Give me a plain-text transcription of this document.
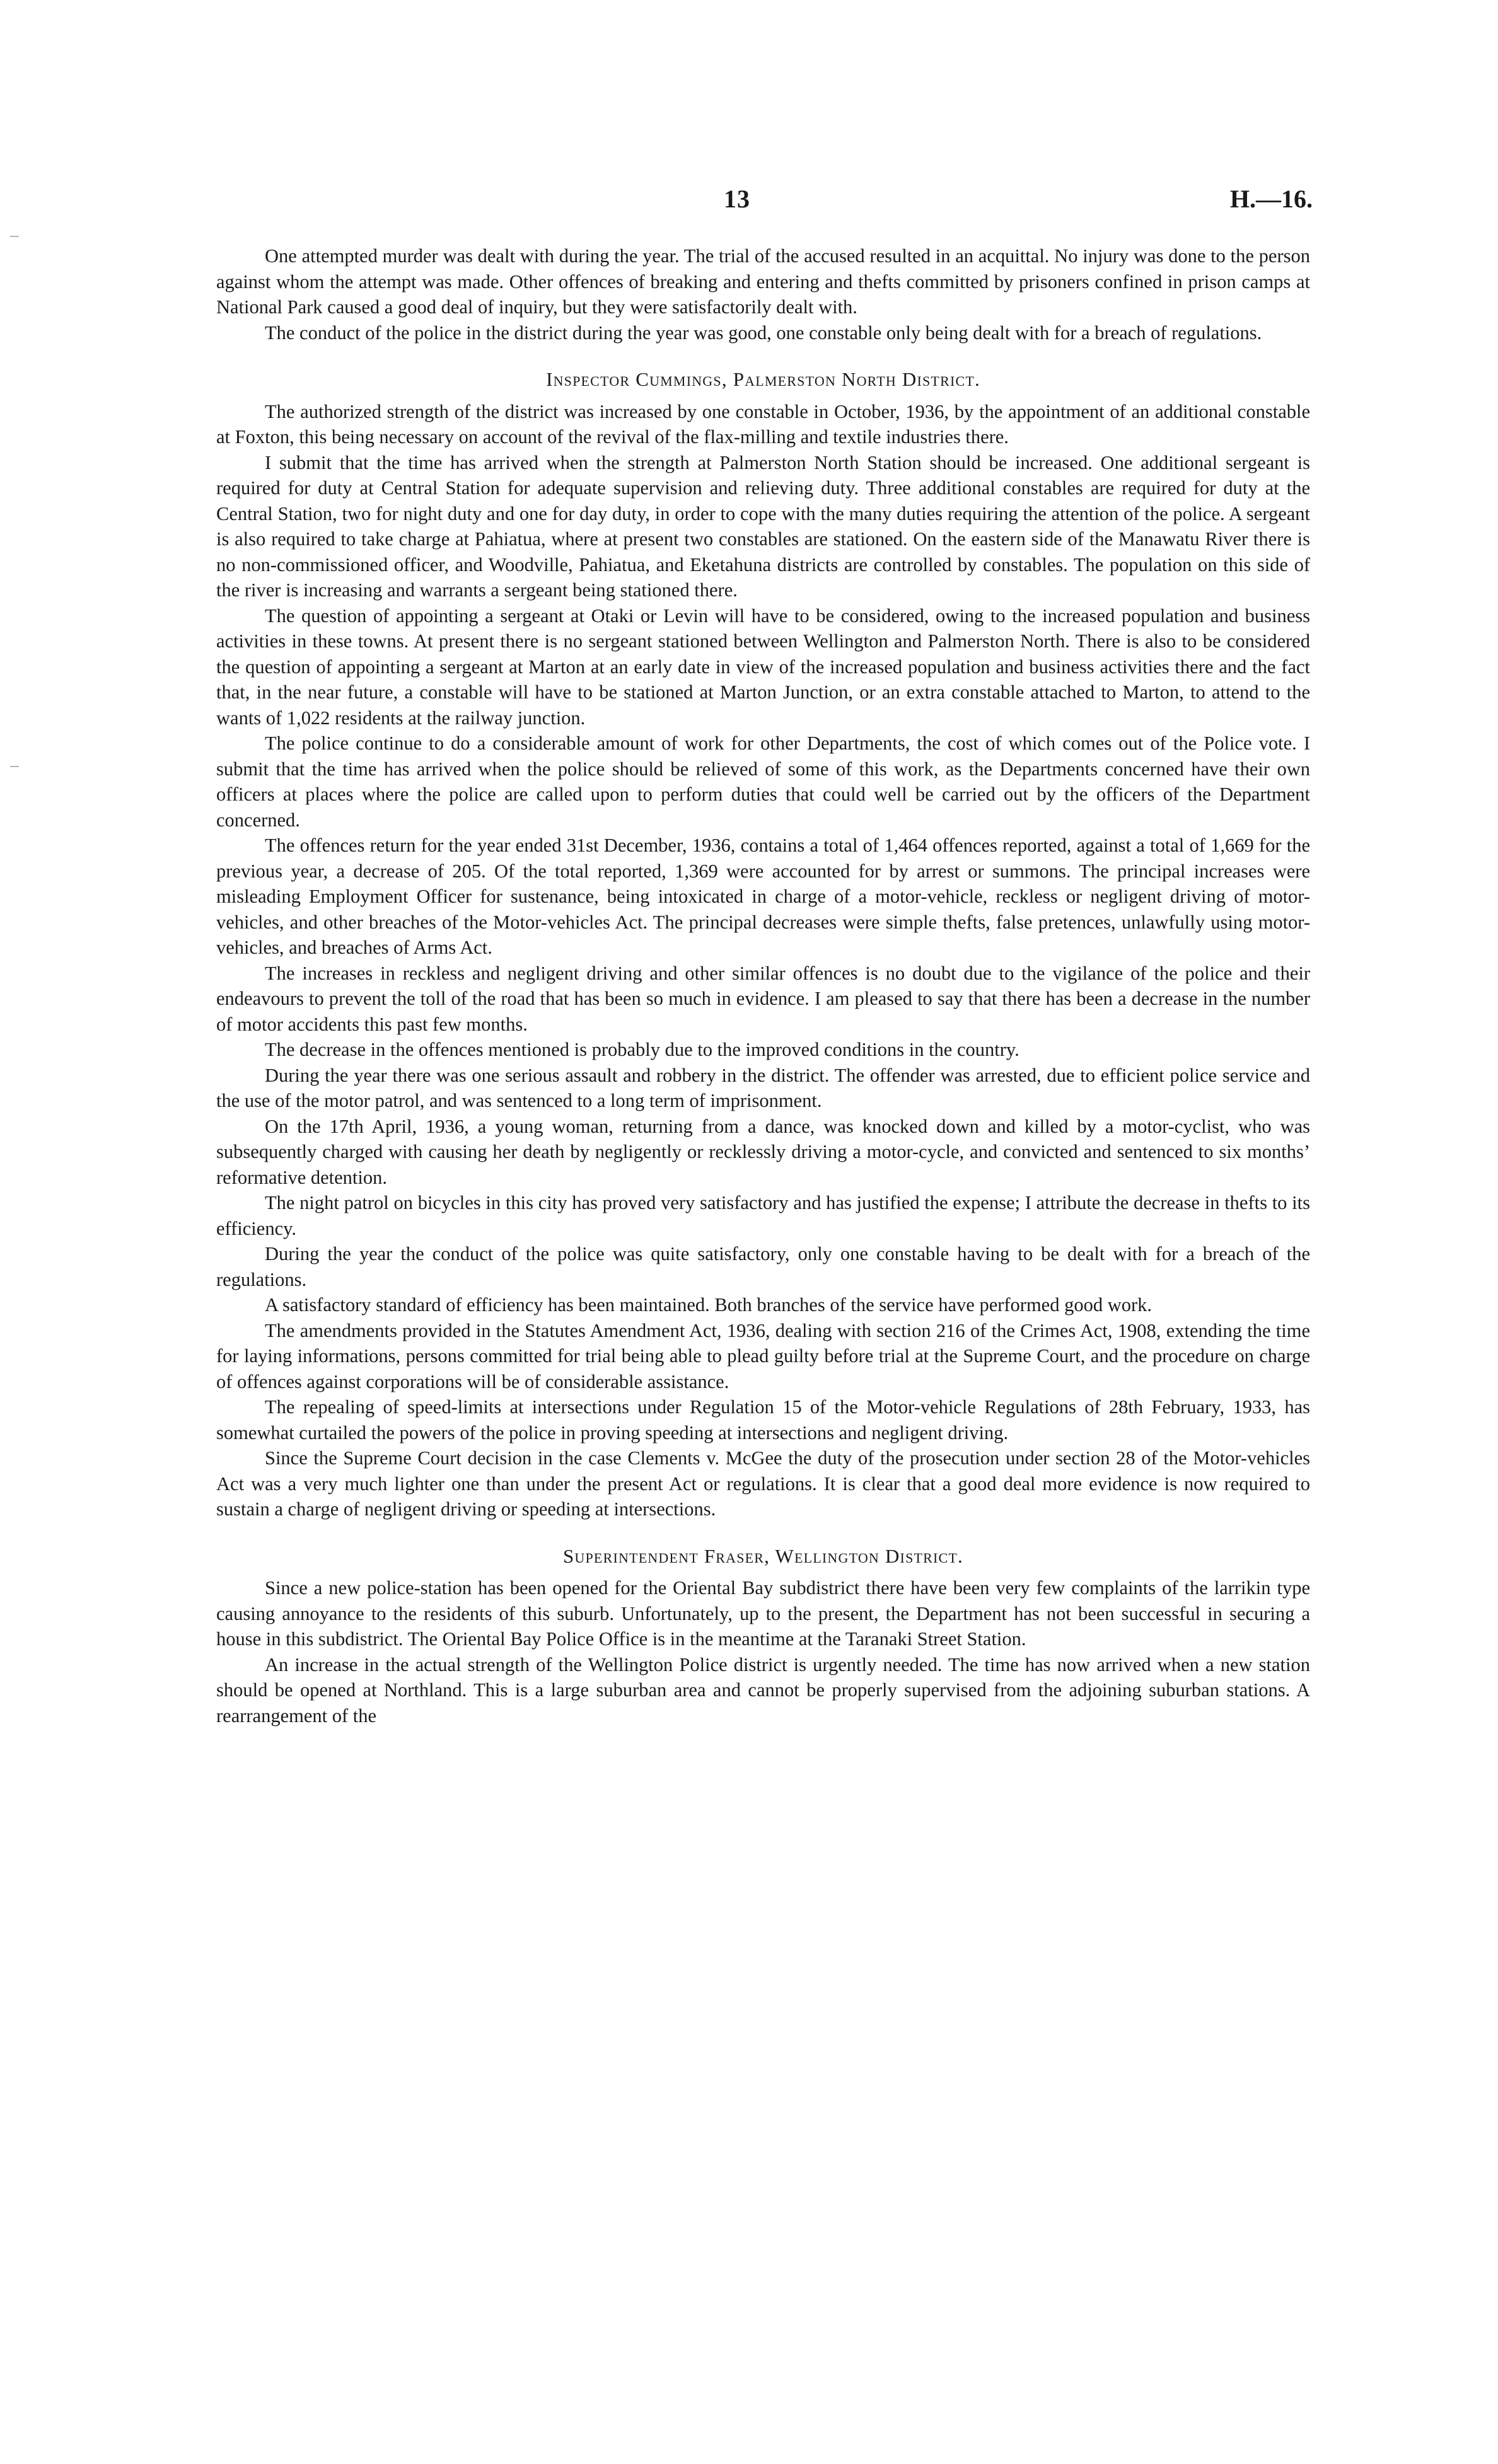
13	H.—16.

One attempted murder was dealt with during the year. The trial of the accused resulted in an acquittal. No injury was done to the person against whom the attempt was made. Other offences of breaking and entering and thefts committed by prisoners confined in prison camps at National Park caused a good deal of inquiry, but they were satisfactorily dealt with.

The conduct of the police in the district during the year was good, one constable only being dealt with for a breach of regulations.

Inspector Cummings, Palmerston North District.

The authorized strength of the district was increased by one constable in October, 1936, by the appointment of an additional constable at Foxton, this being necessary on account of the revival of the flax-milling and textile industries there.

I submit that the time has arrived when the strength at Palmerston North Station should be increased. One additional sergeant is required for duty at Central Station for adequate supervision and relieving duty. Three additional constables are required for duty at the Central Station, two for night duty and one for day duty, in order to cope with the many duties requiring the attention of the police. A sergeant is also required to take charge at Pahiatua, where at present two constables are stationed. On the eastern side of the Manawatu River there is no non-commissioned officer, and Woodville, Pahiatua, and Eketahuna districts are controlled by constables. The population on this side of the river is increasing and warrants a sergeant being stationed there.

The question of appointing a sergeant at Otaki or Levin will have to be considered, owing to the increased population and business activities in these towns. At present there is no sergeant stationed between Wellington and Palmerston North. There is also to be considered the question of appointing a sergeant at Marton at an early date in view of the increased population and business activities there and the fact that, in the near future, a constable will have to be stationed at Marton Junction, or an extra constable attached to Marton, to attend to the wants of 1,022 residents at the railway junction.

The police continue to do a considerable amount of work for other Departments, the cost of which comes out of the Police vote. I submit that the time has arrived when the police should be relieved of some of this work, as the Departments concerned have their own officers at places where the police are called upon to perform duties that could well be carried out by the officers of the Department concerned.

The offences return for the year ended 31st December, 1936, contains a total of 1,464 offences reported, against a total of 1,669 for the previous year, a decrease of 205. Of the total reported, 1,369 were accounted for by arrest or summons. The principal increases were misleading Employment Officer for sustenance, being intoxicated in charge of a motor-vehicle, reckless or negligent driving of motor-vehicles, and other breaches of the Motor-vehicles Act. The principal decreases were simple thefts, false pretences, unlawfully using motor-vehicles, and breaches of Arms Act.

The increases in reckless and negligent driving and other similar offences is no doubt due to the vigilance of the police and their endeavours to prevent the toll of the road that has been so much in evidence. I am pleased to say that there has been a decrease in the number of motor accidents this past few months.

The decrease in the offences mentioned is probably due to the improved conditions in the country.

During the year there was one serious assault and robbery in the district. The offender was arrested, due to efficient police service and the use of the motor patrol, and was sentenced to a long term of imprisonment.

On the 17th April, 1936, a young woman, returning from a dance, was knocked down and killed by a motor-cyclist, who was subsequently charged with causing her death by negligently or recklessly driving a motor-cycle, and convicted and sentenced to six months’ reformative detention.

The night patrol on bicycles in this city has proved very satisfactory and has justified the expense; I attribute the decrease in thefts to its efficiency.

During the year the conduct of the police was quite satisfactory, only one constable having to be dealt with for a breach of the regulations.

A satisfactory standard of efficiency has been maintained. Both branches of the service have performed good work.

The amendments provided in the Statutes Amendment Act, 1936, dealing with section 216 of the Crimes Act, 1908, extending the time for laying informations, persons committed for trial being able to plead guilty before trial at the Supreme Court, and the procedure on charge of offences against corporations will be of considerable assistance.

The repealing of speed-limits at intersections under Regulation 15 of the Motor-vehicle Regulations of 28th February, 1933, has somewhat curtailed the powers of the police in proving speeding at intersections and negligent driving.

Since the Supreme Court decision in the case Clements v. McGee the duty of the prosecution under section 28 of the Motor-vehicles Act was a very much lighter one than under the present Act or regulations. It is clear that a good deal more evidence is now required to sustain a charge of negligent driving or speeding at intersections.

Superintendent Fraser, Wellington District.

Since a new police-station has been opened for the Oriental Bay subdistrict there have been very few complaints of the larrikin type causing annoyance to the residents of this suburb. Unfortunately, up to the present, the Department has not been successful in securing a house in this subdistrict. The Oriental Bay Police Office is in the meantime at the Taranaki Street Station.

An increase in the actual strength of the Wellington Police district is urgently needed. The time has now arrived when a new station should be opened at Northland. This is a large suburban area and cannot be properly supervised from the adjoining suburban stations. A rearrangement of the
